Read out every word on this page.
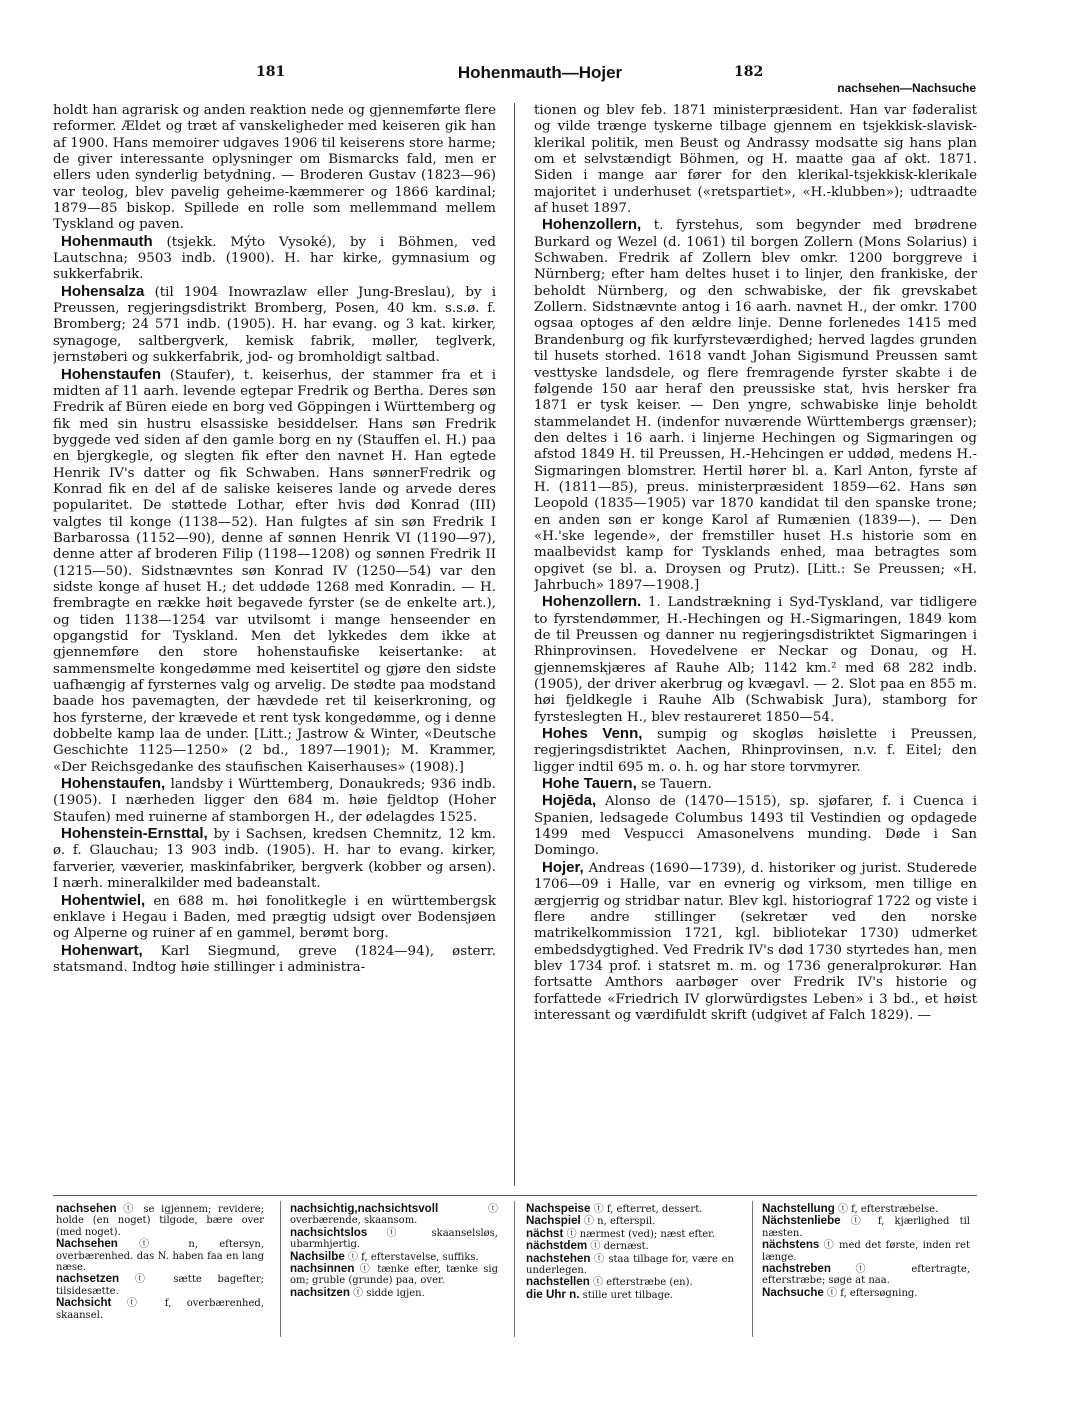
181	Hohenmauth—Hojer	182
nachsehen—Nachsuche

holdt han agrarisk og anden reaktion nede og gjennemførte flere reformer. Ældet og træt af vanskeligheder med keiseren gik han af 1900. Hans memoirer udgaves 1906 til keiserens store harme; de giver interessante oplysninger om Bismarcks fald, men er ellers uden synderlig betydning. — Broderen Gustav (1823—96) var teolog, blev pavelig geheime-kæmmerer og 1866 kardinal; 1879—85 biskop. Spillede en rolle som mellemmand mellem Tyskland og paven.

Hohenmauth (tsjekk. Mýto Vysoké), by i Böhmen, ved Lautschna; 9503 indb. (1900). H. har kirke, gymnasium og sukkerfabrik.

Hohensalza (til 1904 Inowrazlaw eller Jung-Breslau), by i Preussen, regjeringsdistrikt Bromberg, Posen, 40 km. s.s.ø. f. Bromberg; 24 571 indb. (1905). H. har evang. og 3 kat. kirker, synagoge, saltbergverk, kemisk fabrik, møller, teglverk, jernstøberi og sukkerfabrik, jod- og bromholdigt saltbad.

Hohenstaufen (Staufer), t. keiserhus, der stammer fra et i midten af 11 aarh. levende egtepar Fredrik og Bertha. Deres søn Fredrik af Büren eiede en borg ved Göppingen i Württemberg og fik med sin hustru elsassiske besiddelser. Hans søn Fredrik byggede ved siden af den gamle borg en ny (Stauffen el. H.) paa en bjergkegle, og slegten fik efter den navnet H. Han egtede Henrik IV's datter og fik Schwaben. Hans sønnerFredrik og Konrad fik en del af de saliske keiseres lande og arvede deres popularitet. De støttede Lothar, efter hvis død Konrad (III) valgtes til konge (1138—52). Han fulgtes af sin søn Fredrik I Barbarossa (1152—90), denne af sønnen Henrik VI (1190—97), denne atter af broderen Filip (1198—1208) og sønnen Fredrik II (1215—50). Sidstnævntes søn Konrad IV (1250—54) var den sidste konge af huset H.; det uddøde 1268 med Konradin. — H. frembragte en række høit begavede fyrster (se de enkelte art.), og tiden 1138—1254 var utvilsomt i mange henseender en opgangstid for Tyskland. Men det lykkedes dem ikke at gjennemføre den store hohenstaufiske keisertanke: at sammensmelte kongedømme med keisertitel og gjøre den sidste uafhængig af fyrsternes valg og arvelig. De stødte paa modstand baade hos pavemagten, der hævdede ret til keiserkroning, og hos fyrsterne, der krævede et rent tysk kongedømme, og i denne dobbelte kamp laa de under. [Litt.; Jastrow & Winter, «Deutsche Geschichte 1125—1250» (2 bd., 1897—1901); M. Krammer, «Der Reichsgedanke des staufischen Kaiserhauses» (1908).]

Hohenstaufen, landsby i Württemberg, Donaukreds; 936 indb. (1905). I nærheden ligger den 684 m. høie fjeldtop (Hoher Staufen) med ruinerne af stamborgen H., der ødelagdes 1525.

Hohenstein-Ernsttal, by i Sachsen, kredsen Chemnitz, 12 km. ø. f. Glauchau; 13 903 indb. (1905). H. har to evang. kirker, farverier, væverier, maskinfabriker, bergverk (kobber og arsen). I nærh. mineralkilder med badeanstalt.

Hohentwiel, en 688 m. høi fonolitkegle i en württembergsk enklave i Hegau i Baden, med prægtig udsigt over Bodensjøen og Alperne og ruiner af en gammel, berømt borg.

Hohenwart, Karl Siegmund, greve (1824—94), østerr. statsmand. Indtog høie stillinger i administra-

tionen og blev feb. 1871 ministerpræsident. Han var føderalist og vilde trænge tyskerne tilbage gjennem en tsjekkisk-slavisk-klerikal politik, men Beust og Andrassy modsatte sig hans plan om et selvstændigt Böhmen, og H. maatte gaa af okt. 1871. Siden i mange aar fører for den klerikal-tsjekkisk-klerikale majoritet i underhuset («retspartiet», «H.-klubben»); udtraadte af huset 1897.

Hohenzollern, t. fyrstehus, som begynder med brødrene Burkard og Wezel (d. 1061) til borgen Zollern (Mons Solarius) i Schwaben. Fredrik af Zollern blev omkr. 1200 borggreve i Nürnberg; efter ham deltes huset i to linjer, den frankiske, der beholdt Nürnberg, og den schwabiske, der fik grevskabet Zollern. Sidstnævnte antog i 16 aarh. navnet H., der omkr. 1700 ogsaa optoges af den ældre linje. Denne forlenedes 1415 med Brandenburg og fik kurfyrsteværdighed; herved lagdes grunden til husets storhed. 1618 vandt Johan Sigismund Preussen samt vesttyske landsdele, og flere fremragende fyrster skabte i de følgende 150 aar heraf den preussiske stat, hvis hersker fra 1871 er tysk keiser. — Den yngre, schwabiske linje beholdt stammelandet H. (indenfor nuværende Württembergs grænser); den deltes i 16 aarh. i linjerne Hechingen og Sigmaringen og afstod 1849 H. til Preussen, H.-Hehcingen er uddød, medens H.-Sigmaringen blomstrer. Hertil hører bl. a. Karl Anton, fyrste af H. (1811—85), preus. ministerpræsident 1859—62. Hans søn Leopold (1835—1905) var 1870 kandidat til den spanske trone; en anden søn er konge Karol af Rumænien (1839—). — Den «H.'ske legende», der fremstiller huset H.s historie som en maalbevidst kamp for Tysklands enhed, maa betragtes som opgivet (se bl. a. Droysen og Prutz). [Litt.: Se Preussen; «H. Jahrbuch» 1897—1908.]

Hohenzollern. 1. Landstrækning i Syd-Tyskland, var tidligere to fyrstendømmer, H.-Hechingen og H.-Sigmaringen, 1849 kom de til Preussen og danner nu regjeringsdistriktet Sigmaringen i Rhinprovinsen. Hovedelvene er Neckar og Donau, og H. gjennemskjæres af Rauhe Alb; 1142 km.² med 68 282 indb. (1905), der driver akerbrug og kvægavl. — 2. Slot paa en 855 m. høi fjeldkegle i Rauhe Alb (Schwabisk Jura), stamborg for fyrsteslegten H., blev restaureret 1850—54.

Hohes Venn, sumpig og skogløs høislette i Preussen, regjeringsdistriktet Aachen, Rhinprovinsen, n.v. f. Eitel; den ligger indtil 695 m. o. h. og har store torvmyrer.

Hohe Tauern, se Tauern.

Hojēda, Alonso de (1470—1515), sp. sjøfarer, f. i Cuenca i Spanien, ledsagede Columbus 1493 til Vestindien og opdagede 1499 med Vespucci Amasonelvens munding. Døde i San Domingo.

Hojer, Andreas (1690—1739), d. historiker og jurist. Studerede 1706—09 i Halle, var en evnerig og virksom, men tillige en ærgjerrig og stridbar natur. Blev kgl. historiograf 1722 og viste i flere andre stillinger (sekretær ved den norske matrikelkommission 1721, kgl. bibliotekar 1730) udmerket embedsdygtighed. Ved Fredrik IV's død 1730 styrtedes han, men blev 1734 prof. i statsret m. m. og 1736 generalprokurør. Han fortsatte Amthors aarbøger over Fredrik IV's historie og forfattede «Friedrich IV glorwürdigstes Leben» i 3 bd., et høist interessant og værdifuldt skrift (udgivet af Falch 1829). —

nachsehen ⓣ se igjennem; revidere; holde (en noget) tilgode, bære over (med noget).

Nachsehen ⓣ n, eftersyn, overbærenhed. das N. haben faa en lang næse.

nachsetzen ⓣ sætte bagefter; tilsidesætte.

Nachsicht ⓣ f, overbærenhed, skaansel.

nachsichtig,nachsichtsvoll	ⓣ overbærende, skaansom.

nachsichtslos ⓣ skaanselsløs, ubarmhjertig.

Nachsilbe ⓣ f, efterstavelse, suffiks.

nachsinnen ⓣ tænke efter, tænke sig om; gruble (grunde) paa, over.

nachsitzen ⓣ sidde igjen.

Nachspeise ⓣ f, efterret, dessert.

Nachspiel ⓣ n, efterspil.

nächst ⓣ nærmest (ved); næst efter.

nächstdem ⓣ dernæst.

nachstehen ⓣ staa tilbage for, være en underlegen.

nachstellen ⓣ efterstræbe (en).

die Uhr n. stille uret tilbage.

Nachstellung ⓣ f, efterstræbelse.

Nächstenliebe ⓣ f, kjærlighed til næsten.

nächstens ⓣ med det første, inden ret længe.

nachstreben ⓣ eftertragte, efterstræbe; søge at naa.

Nachsuche ⓣ f, eftersøgning.
